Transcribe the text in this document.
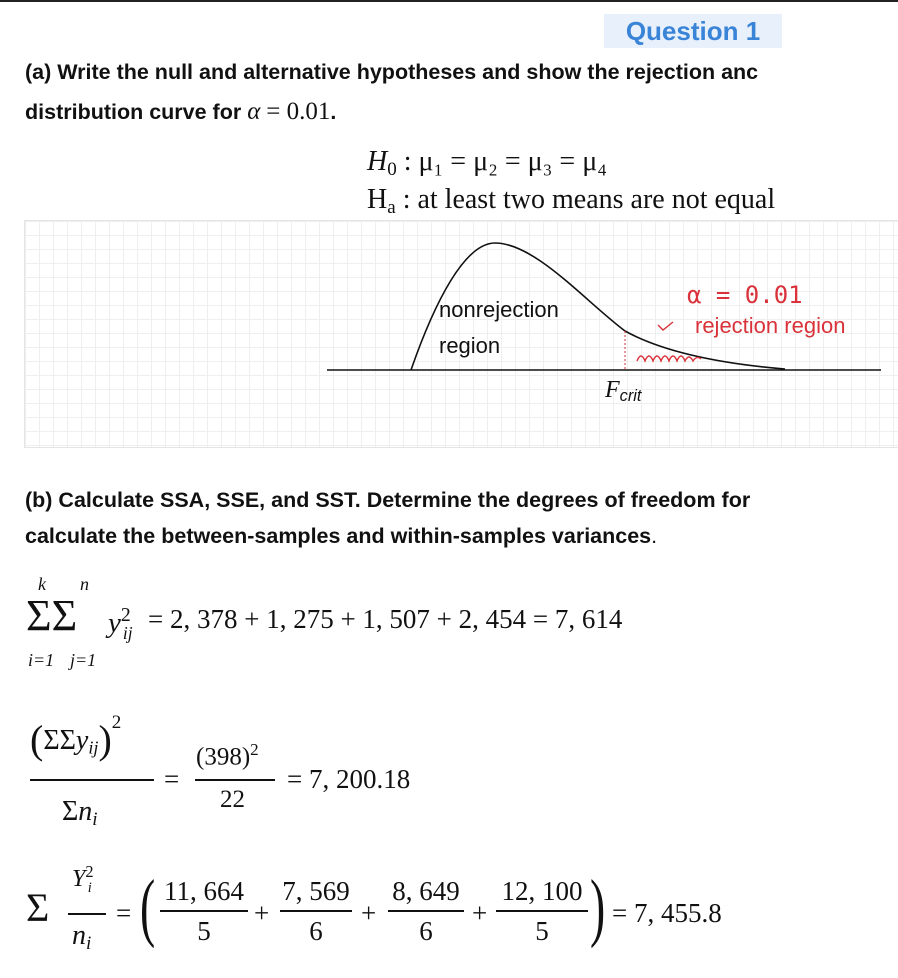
Question 1
(a) Write the null and alternative hypotheses and show the rejection anc
distribution curve for α = 0.01.
$H_0$ : μ₁ = μ₂ = μ₃ = μ₄
$H_a$ : at least two means are not equal
nonrejection
region
α = 0.01
rejection region
$F_{crit}$
(b) Calculate SSA, SSE, and SST. Determine the degrees of freedom for
calculate the between-samples and within-samples variances.
k n
ΣΣ $y^2_{ij}$
i=1 j=1
= 2, 378 + 1, 275 + 1, 507 + 2, 454 = 7, 614
$(\Sigma\Sigma yij)^2$
$\Sigma n_i$
=
$(398)^2$
22
= 7, 200.18
Σ
$Y^2_i$
$n_i$
= ( 11, 664
5
+
7, 569
6
+
8, 649
6
+
12, 100
5 ) = 7, 455.8
